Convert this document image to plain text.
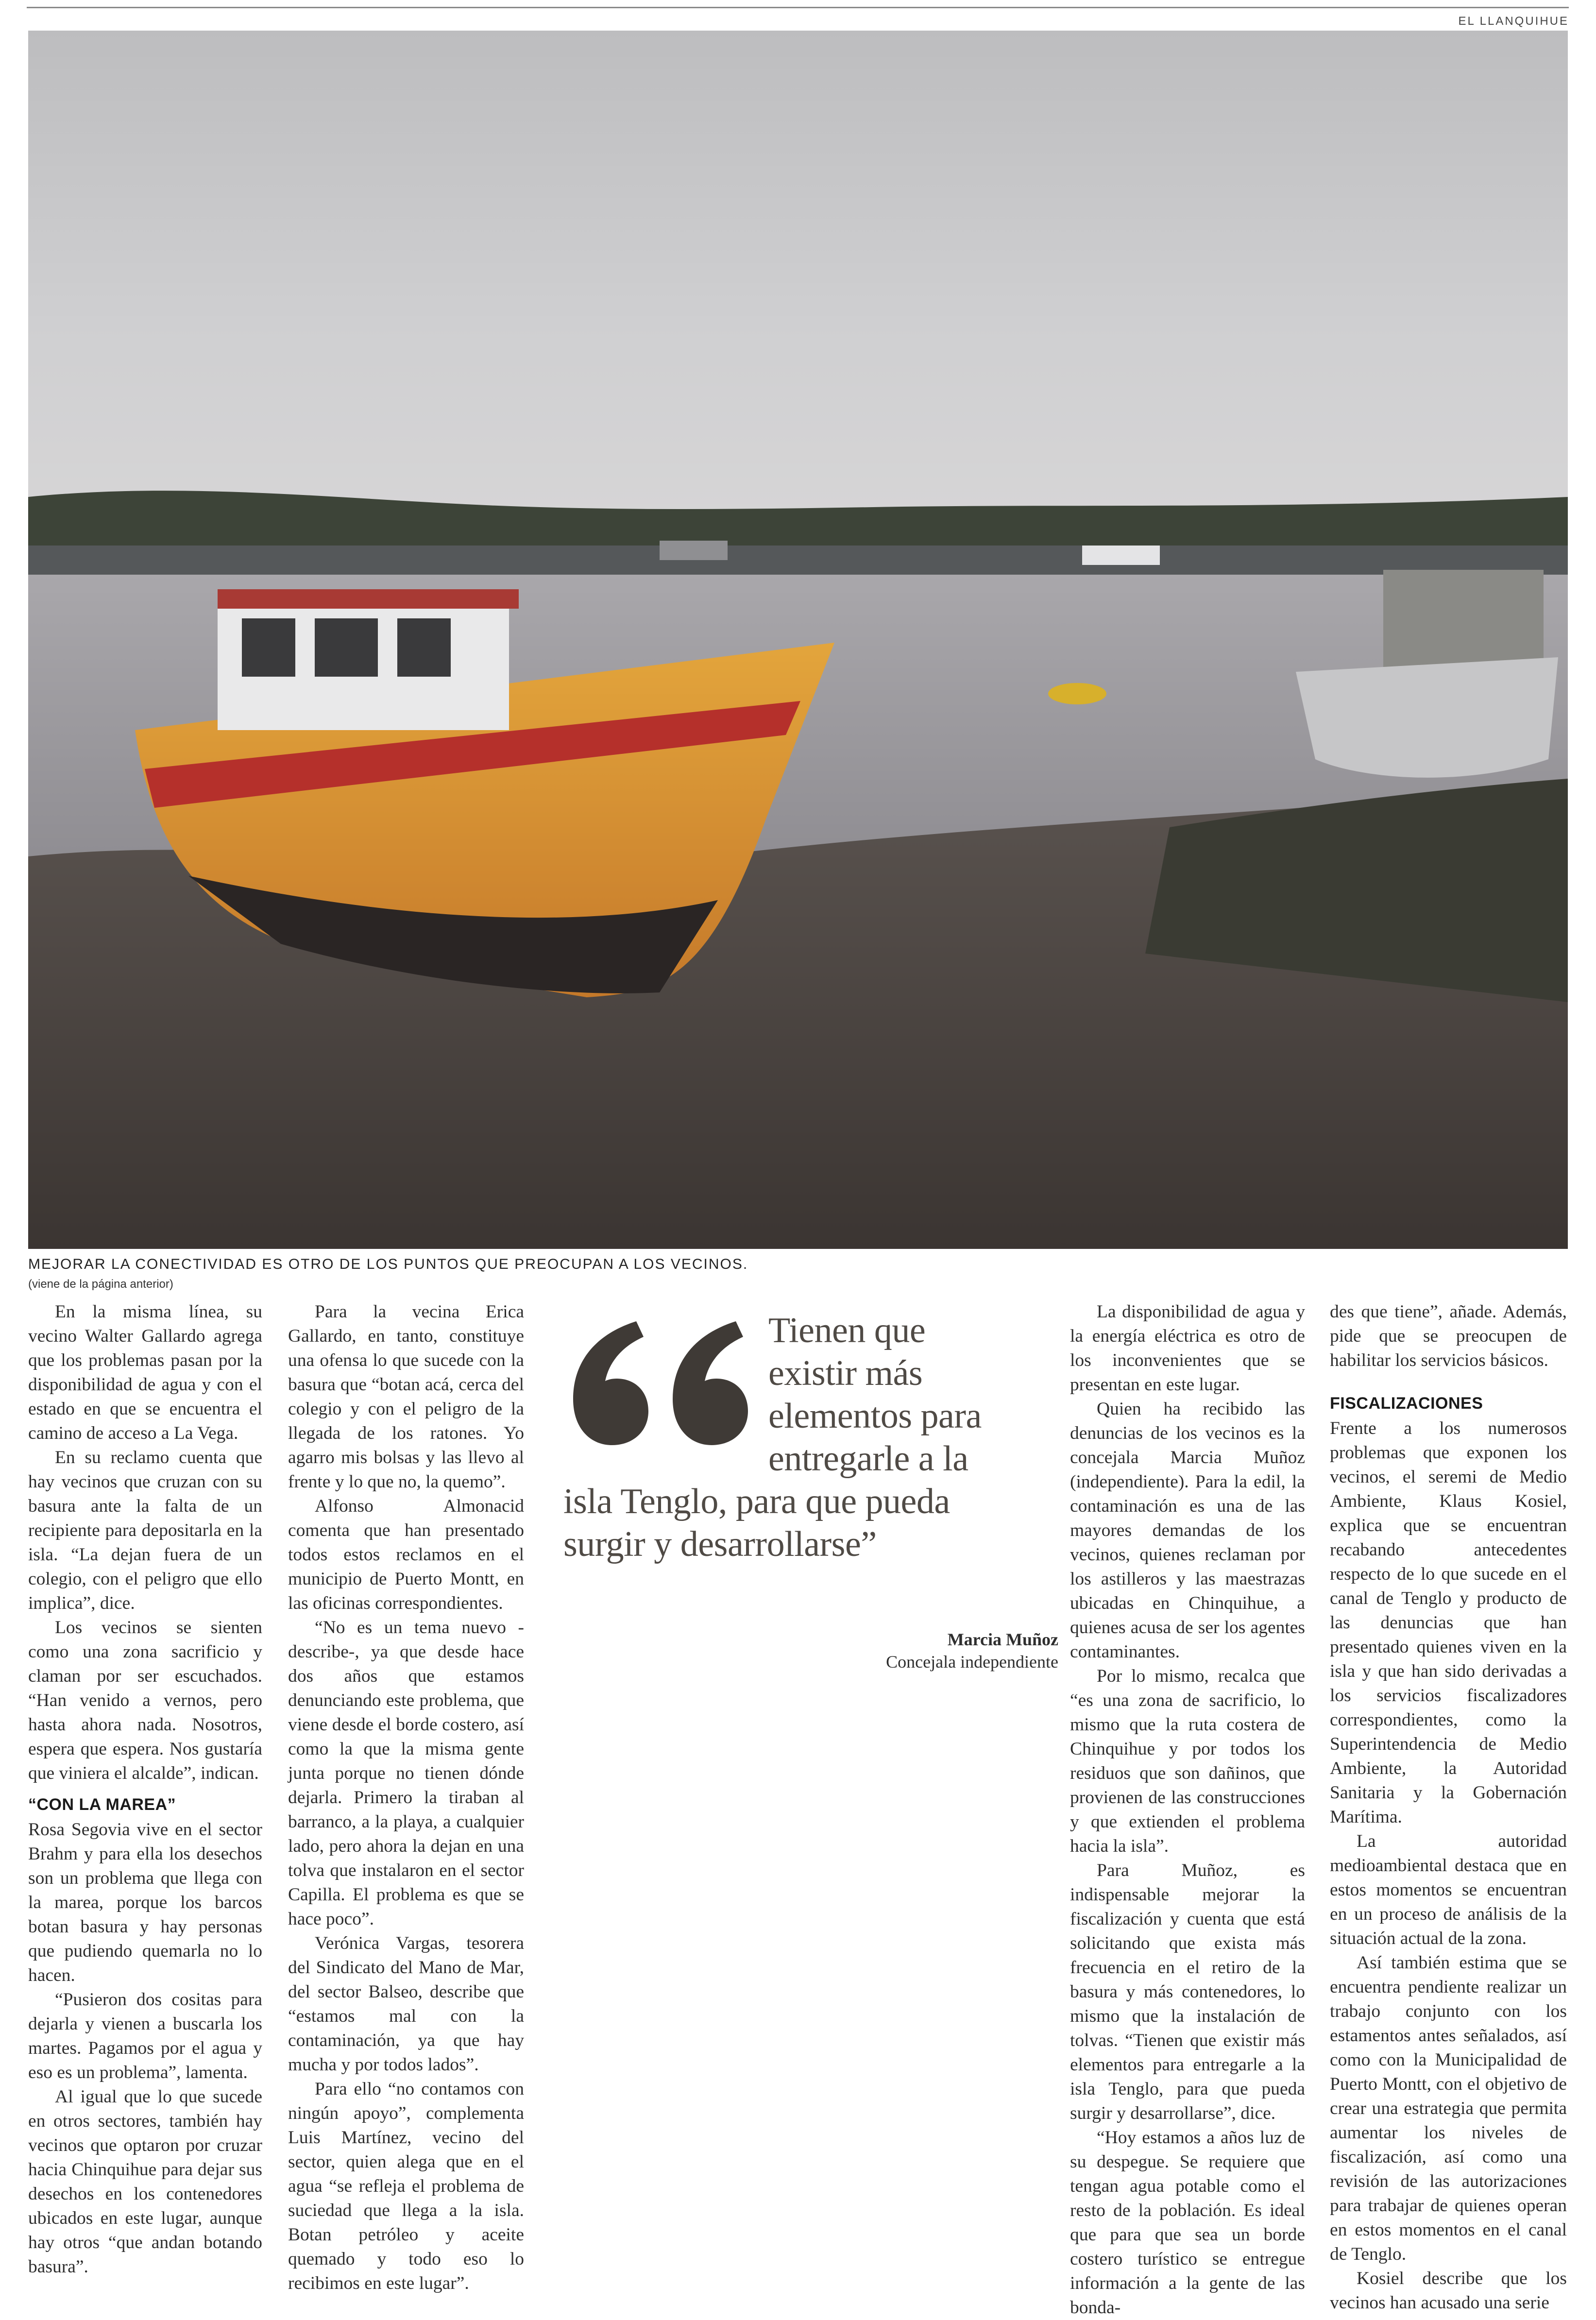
EL LLANQUIHUE
MEJORAR LA CONECTIVIDAD ES OTRO DE LOS PUNTOS QUE PREOCUPAN A LOS VECINOS.
(viene de la página anterior)

En la misma línea, su vecino Walter Gallardo agrega que los problemas pasan por la disponibilidad de agua y con el estado en que se encuentra el camino de acceso a La Vega.

En su reclamo cuenta que hay vecinos que cruzan con su basura ante la falta de un recipiente para depositarla en la isla. “La dejan fuera de un colegio, con el peligro que ello implica”, dice.

Los vecinos se sienten como una zona sacrificio y claman por ser escuchados. “Han venido a vernos, pero hasta ahora nada. Nosotros, espera que espera. Nos gustaría que viniera el alcalde”, indican.

“CON LA MAREA”

Rosa Segovia vive en el sector Brahm y para ella los desechos son un problema que llega con la marea, porque los barcos botan basura y hay personas que pudiendo quemarla no lo hacen.

“Pusieron dos cositas para dejarla y vienen a buscarla los martes. Pagamos por el agua y eso es un problema”, lamenta.

Al igual que lo que sucede en otros sectores, también hay vecinos que optaron por cruzar hacia Chinquihue para dejar sus desechos en los contenedores ubicados en este lugar, aunque hay otros “que andan botando basura”.

Para la vecina Erica Gallardo, en tanto, constituye una ofensa lo que sucede con la basura que “botan acá, cerca del colegio y con el peligro de la llegada de los ratones. Yo agarro mis bolsas y las llevo al frente y lo que no, la quemo”.

Alfonso Almonacid comenta que han presentado todos estos reclamos en el municipio de Puerto Montt, en las oficinas correspondientes.

“No es un tema nuevo -describe-, ya que desde hace dos años que estamos denunciando este problema, que viene desde el borde costero, así como la que la misma gente junta porque no tienen dónde dejarla. Primero la tiraban al barranco, a la playa, a cualquier lado, pero ahora la dejan en una tolva que instalaron en el sector Capilla. El problema es que se hace poco”.

Verónica Vargas, tesorera del Sindicato del Mano de Mar, del sector Balseo, describe que “estamos mal con la contaminación, ya que hay mucha y por todos lados”.

Para ello “no contamos con ningún apoyo”, complementa Luis Martínez, vecino del sector, quien alega que en el agua “se refleja el problema de suciedad que llega a la isla. Botan petróleo y aceite quemado y todo eso lo recibimos en este lugar”.

Tienen que
existir más
elementos para
entregarle a la
isla Tenglo, para que pueda
surgir y desarrollarse”
Marcia Muñoz
Concejala independiente

La disponibilidad de agua y la energía eléctrica es otro de los inconvenientes que se presentan en este lugar.

Quien ha recibido las denuncias de los vecinos es la concejala Marcia Muñoz (independiente). Para la edil, la contaminación es una de las mayores demandas de los vecinos, quienes reclaman por los astilleros y las maestrazas ubicadas en Chinquihue, a quienes acusa de ser los agentes contaminantes.

Por lo mismo, recalca que “es una zona de sacrificio, lo mismo que la ruta costera de Chinquihue y por todos los residuos que son dañinos, que provienen de las construcciones y que extienden el problema hacia la isla”.

Para Muñoz, es indispensable mejorar la fiscalización y cuenta que está solicitando que exista más frecuencia en el retiro de la basura y más contenedores, lo mismo que la instalación de tolvas. “Tienen que existir más elementos para entregarle a la isla Tenglo, para que pueda surgir y desarrollarse”, dice.

“Hoy estamos a años luz de su despegue. Se requiere que tengan agua potable como el resto de la población. Es ideal que para que sea un borde costero turístico se entregue información a la gente de las bonda-

des que tiene”, añade. Además, pide que se preocupen de habilitar los servicios básicos.

FISCALIZACIONES

Frente a los numerosos problemas que exponen los vecinos, el seremi de Medio Ambiente, Klaus Kosiel, explica que se encuentran recabando antecedentes respecto de lo que sucede en el canal de Tenglo y producto de las denuncias que han presentado quienes viven en la isla y que han sido derivadas a los servicios fiscalizadores correspondientes, como la Superintendencia de Medio Ambiente, la Autoridad Sanitaria y la Gobernación Marítima.

La autoridad medioambiental destaca que en estos momentos se encuentran en un proceso de análisis de la situación actual de la zona.

Así también estima que se encuentra pendiente realizar un trabajo conjunto con los estamentos antes señalados, así como con la Municipalidad de Puerto Montt, con el objetivo de crear una estrategia que permita aumentar los niveles de fiscalización, así como una revisión de las autorizaciones para trabajar de quienes operan en estos momentos en el canal de Tenglo.

Kosiel describe que los vecinos han acusado una serie
